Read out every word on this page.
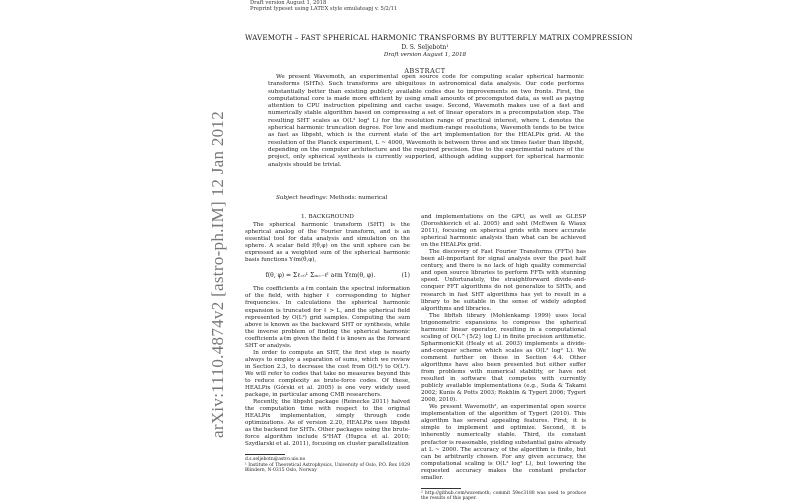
arXiv:1110.4874v2 [astro-ph.IM] 12 Jan 2012
Draft version August 1, 2018
Preprint typeset using LATEX style emulateapj v. 5/2/11
WAVEMOTH – FAST SPHERICAL HARMONIC TRANSFORMS BY BUTTERFLY MATRIX COMPRESSION
D. S. Seljebotn¹
Draft version August 1, 2018
ABSTRACT

We present Wavemoth, an experimental open source code for computing scalar spherical harmonic transforms (SHTs). Such transforms are ubiquitous in astronomical data analysis. Our code performs substantially better than existing publicly available codes due to improvements on two fronts. First, the computational core is made more efficient by using small amounts of precomputed data, as well as paying attention to CPU instruction pipelining and cache usage. Second, Wavemoth makes use of a fast and numerically stable algorithm based on compressing a set of linear operators in a precomputation step. The resulting SHT scales as O(L² log² L) for the resolution range of practical interest, where L denotes the spherical harmonic truncation degree. For low and medium-range resolutions, Wavemoth tends to be twice as fast as libpsht, which is the current state of the art implementation for the HEALPix grid. At the resolution of the Planck experiment, L ~ 4000, Wavemoth is between three and six times faster than libpsht, depending on the computer architecture and the required precision. Due to the experimental nature of the project, only spherical synthesis is currently supported, although adding support for spherical harmonic analysis should be trivial.

Subject headings: Methods: numerical
1. BACKGROUND

The spherical harmonic transform (SHT) is the spherical analog of the Fourier transform, and is an essential tool for data analysis and simulation on the sphere. A scalar field f(θ,φ) on the unit sphere can be expressed as a weighted sum of the spherical harmonic basis functions Yℓm(θ,φ),

f(θ, φ) = Σℓ₌₀ᴸ Σₘ₌₋ℓˡ aℓm Yℓm(θ, φ).	(1)

The coefficients aℓm contain the spectral information of the field, with higher ℓ corresponding to higher frequencies. In calculations the spherical harmonic expansion is truncated for ℓ > L, and the spherical field represented by O(L²) grid samples. Computing the sum above is known as the backward SHT or synthesis, while the inverse problem of finding the spherical harmonic coefficients aℓm given the field f is known as the forward SHT or analysis.

In order to compute an SHT, the first step is nearly always to employ a separation of sums, which we review in Section 2.3, to decrease the cost from O(L⁴) to O(L³). We will refer to codes that take no measures beyond this to reduce complexity as brute-force codes. Of these, HEALPix (Górski et al. 2005) is one very widely used package, in particular among CMB researchers.

Recently, the libpsht package (Reinecke 2011) halved the computation time with respect to the original HEALPix implementation, simply through code optimizations. As of version 2.20, HEALPix uses libpsht as the backend for SHTs. Other packages using the brute-force algorithm include S²HAT (Hupca et al. 2010; Szydlarski et al. 2011), focusing on cluster parallelization

d.s.seljebotn@astro.uio.no

¹ Institute of Theoretical Astrophysics, University of Oslo, P.O. Box 1029 Blindern, N-0315 Oslo, Norway

and implementations on the GPU, as well as GLESP (Doroshkevich et al. 2005) and ssht (McEwen & Wiaux 2011), focusing on spherical grids with more accurate spherical harmonic analysis than what can be achieved on the HEALPix grid.

The discovery of Fast Fourier Transforms (FFTs) has been all-important for signal analysis over the past half century, and there is no lack of high quality commercial and open source libraries to perform FFTs with stunning speed. Unfortunately, the straightforward divide-and-conquer FFT algorithms do not generalize to SHTs, and research in fast SHT algorithms has yet to result in a library to be suitable in the sense of widely adopted algorithms and libraries.

The libftsh library (Mohlenkamp 1999) uses local trigonometric expansions to compress the spherical harmonic linear operator, resulting in a computational scaling of O(L^{5/2} log L) in finite precision arithmetic. SpharmonicKit (Healy et al. 2003) implements a divide-and-conquer scheme which scales as O(L² log² L). We comment further on these in Section 4.4. Other algorithms have also been presented but either suffer from problems with numerical stability, or have not resulted in software that competes with currently publicly available implementations (e.g., Suda & Takami 2002; Kunis & Potts 2003; Rokhlin & Tygert 2006; Tygert 2008, 2010).

We present Wavemoth², an experimental open source implementation of the algorithm of Tygert (2010). This algorithm has several appealing features. First, it is simple to implement and optimize. Second, it is inherently numerically stable. Third, its constant prefactor is reasonable, yielding substantial gains already at L ~ 2000. The accuracy of the algorithm is finite, but can be arbitrarily chosen. For any given accuracy, the computational scaling is O(L² log² L), but lowering the requested accuracy makes the constant prefactor smaller.

² http://github.com/wavemoth; commit 59ec3188 was used to produce the results of this paper.
